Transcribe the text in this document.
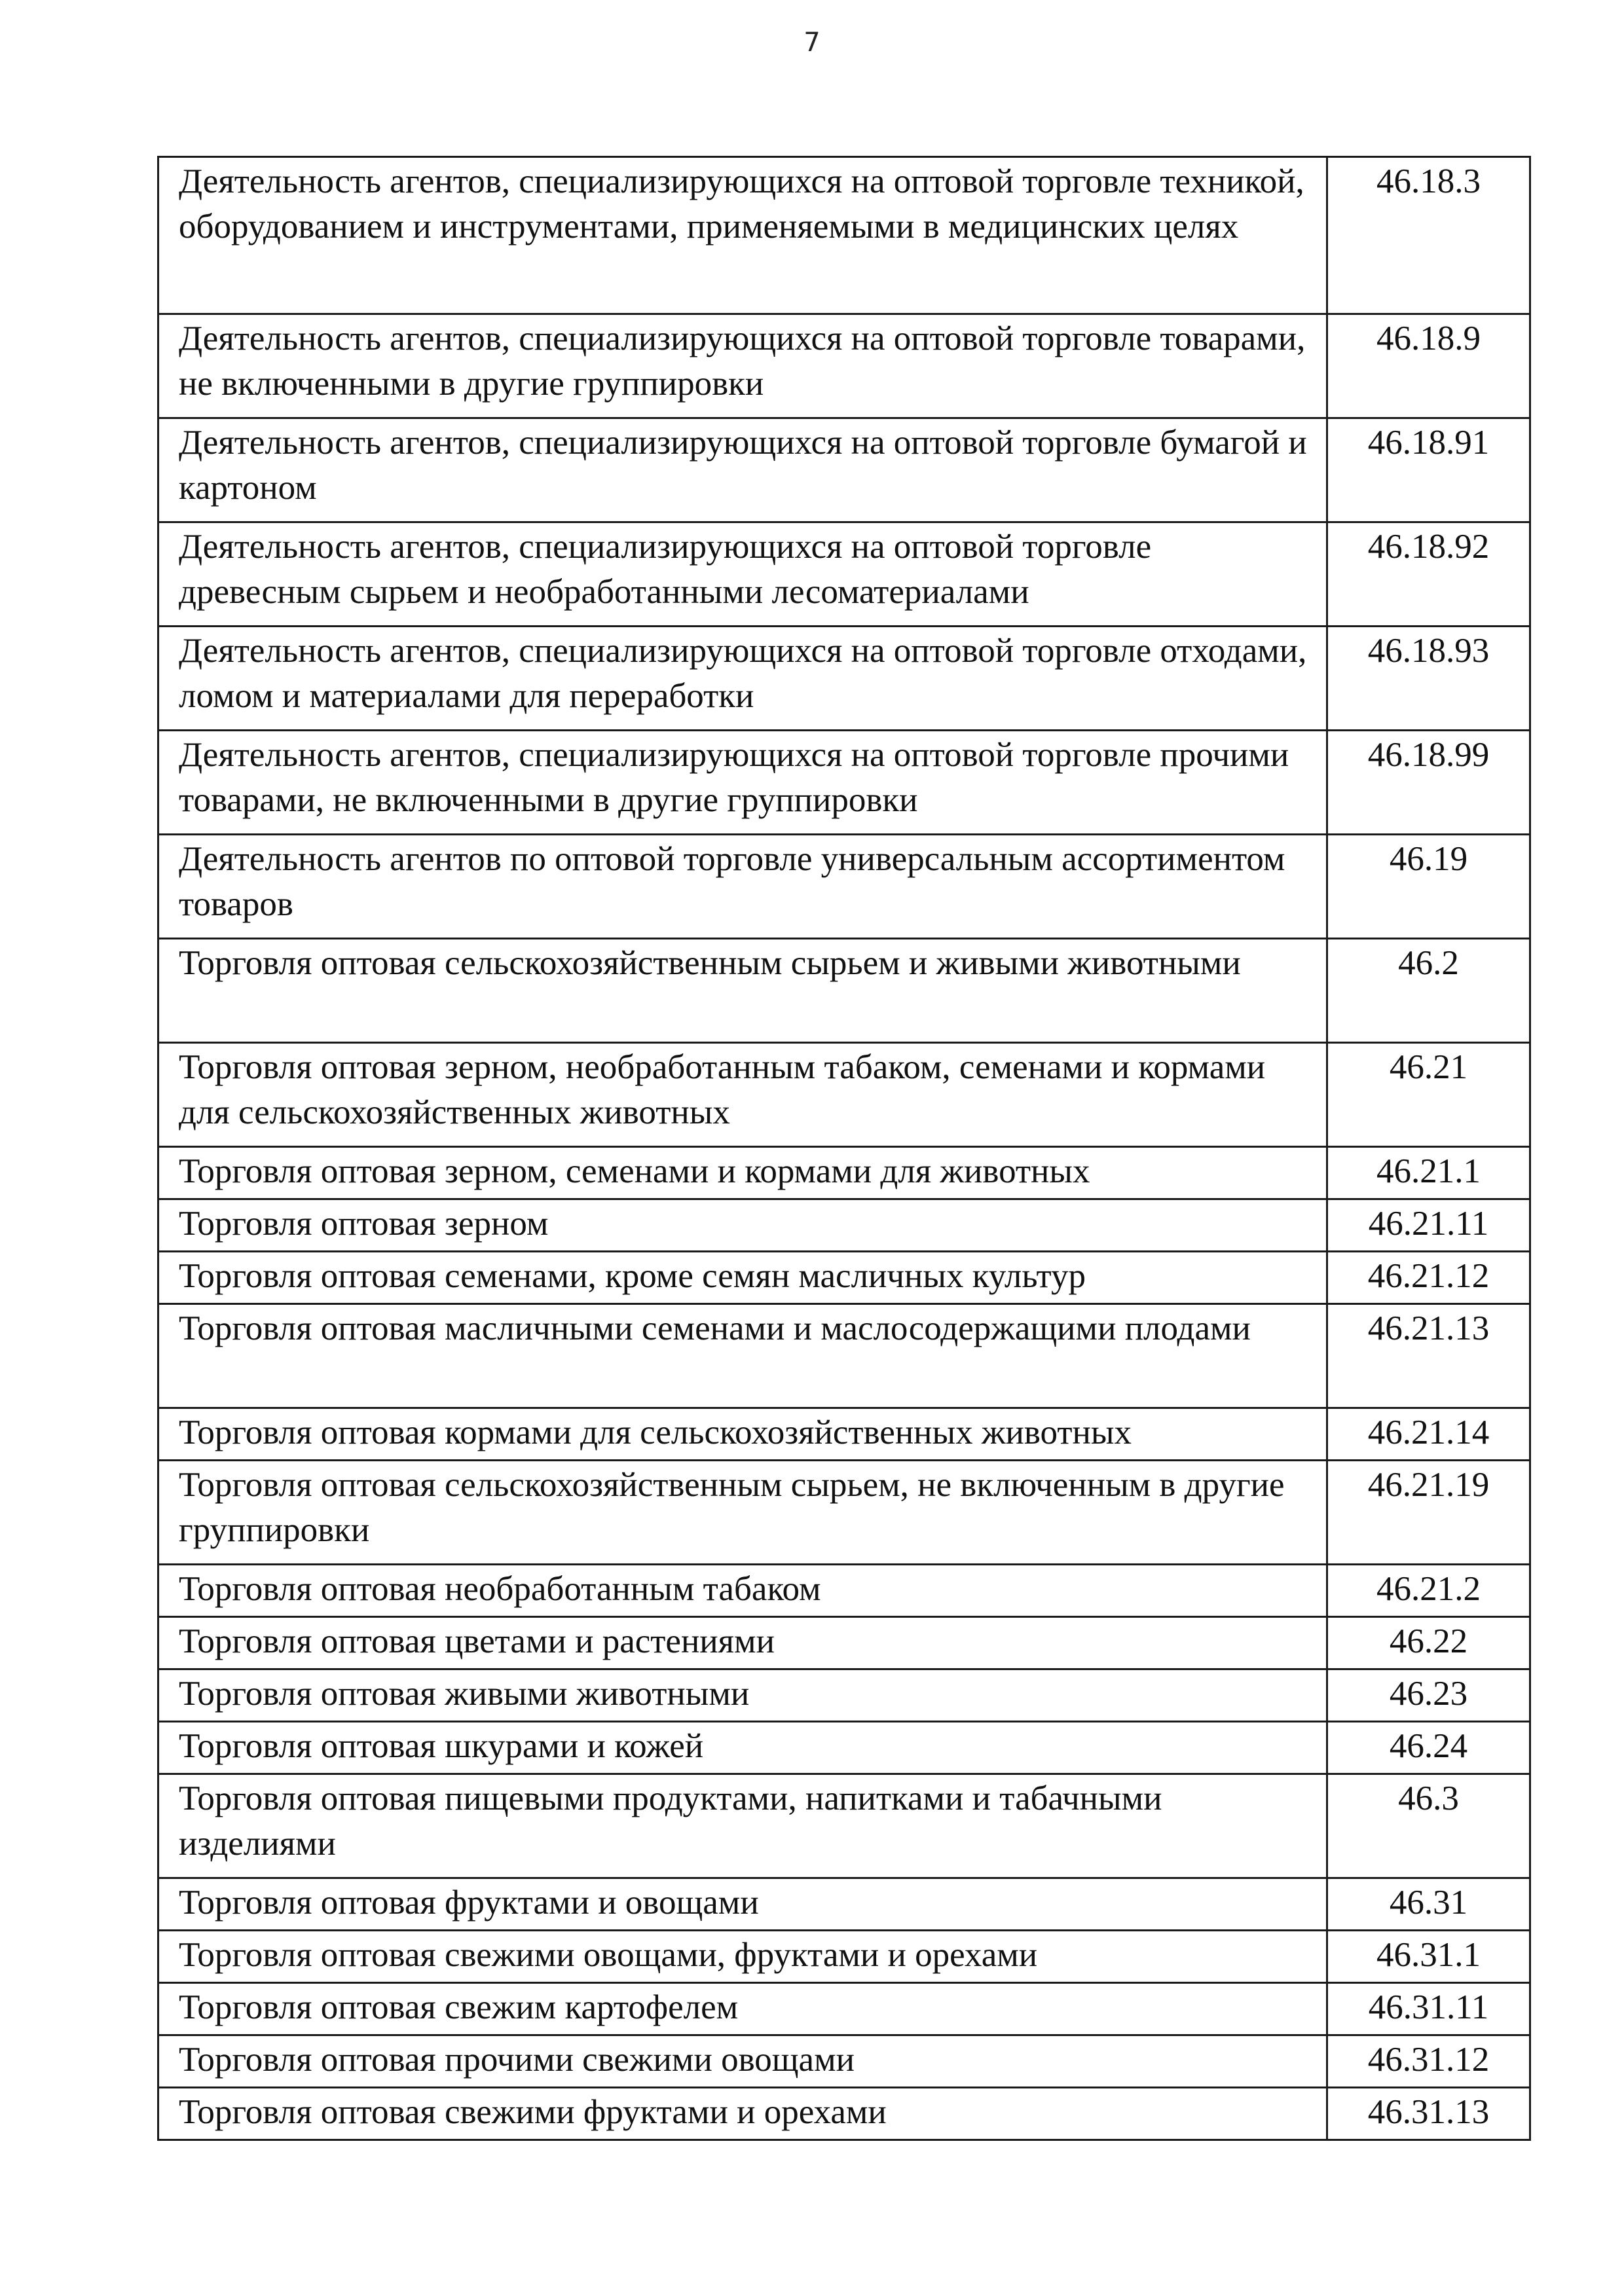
7
Деятельность агентов, специализирующихся на оптовой торговле техникой, оборудованием и инструментами, применяемыми в медицинских целях	46.18.3
Деятельность агентов, специализирующихся на оптовой торговле товарами, не включенными в другие группировки	46.18.9
Деятельность агентов, специализирующихся на оптовой торговле бумагой и картоном	46.18.91
Деятельность агентов, специализирующихся на оптовой торговле древесным сырьем и необработанными лесоматериалами	46.18.92
Деятельность агентов, специализирующихся на оптовой торговле отходами, ломом и материалами для переработки	46.18.93
Деятельность агентов, специализирующихся на оптовой торговле прочими товарами, не включенными в другие группировки	46.18.99
Деятельность агентов по оптовой торговле универсальным ассортиментом товаров	46.19
Торговля оптовая сельскохозяйственным сырьем и живыми животными	46.2
Торговля оптовая зерном, необработанным табаком, семенами и кормами для сельскохозяйственных животных	46.21
Торговля оптовая зерном, семенами и кормами для животных	46.21.1
Торговля оптовая зерном	46.21.11
Торговля оптовая семенами, кроме семян масличных культур	46.21.12
Торговля оптовая масличными семенами и маслосодержащими плодами	46.21.13
Торговля оптовая кормами для сельскохозяйственных животных	46.21.14
Торговля оптовая сельскохозяйственным сырьем, не включенным в другие группировки	46.21.19
Торговля оптовая необработанным табаком	46.21.2
Торговля оптовая цветами и растениями	46.22
Торговля оптовая живыми животными	46.23
Торговля оптовая шкурами и кожей	46.24
Торговля оптовая пищевыми продуктами, напитками и табачными изделиями	46.3
Торговля оптовая фруктами и овощами	46.31
Торговля оптовая свежими овощами, фруктами и орехами	46.31.1
Торговля оптовая свежим картофелем	46.31.11
Торговля оптовая прочими свежими овощами	46.31.12
Торговля оптовая свежими фруктами и орехами	46.31.13
